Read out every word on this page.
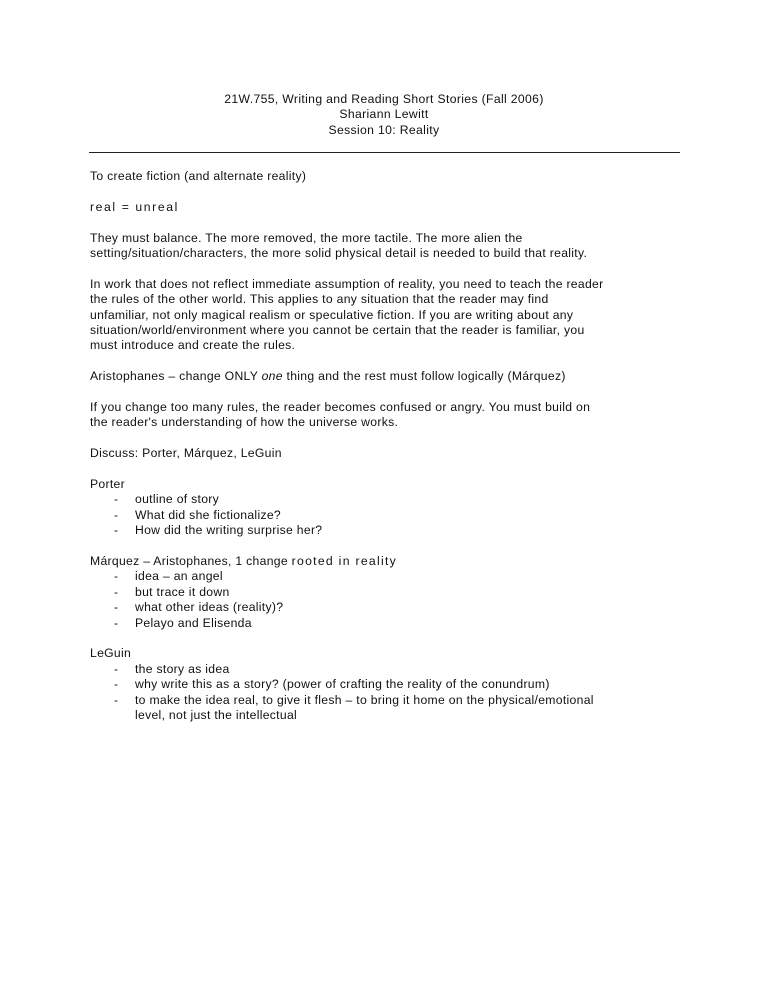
21W.755, Writing and Reading Short Stories (Fall 2006)
Shariann Lewitt
Session 10: Reality

To create fiction (and alternate reality)

real = unreal

They must balance. The more removed, the more tactile. The more alien the
setting/situation/characters, the more solid physical detail is needed to build that reality.

In work that does not reflect immediate assumption of reality, you need to teach the reader
the rules of the other world. This applies to any situation that the reader may find
unfamiliar, not only magical realism or speculative fiction. If you are writing about any
situation/world/environment where you cannot be certain that the reader is familiar, you
must introduce and create the rules.

Aristophanes – change ONLY one thing and the rest must follow logically (Márquez)

If you change too many rules, the reader becomes confused or angry. You must build on
the reader's understanding of how the universe works.

Discuss: Porter, Márquez, LeGuin

Porter
- outline of story
- What did she fictionalize?
- How did the writing surprise her?
Márquez – Aristophanes, 1 change rooted in reality
- idea – an angel
- but trace it down
- what other ideas (reality)?
- Pelayo and Elisenda
LeGuin
- the story as idea
- why write this as a story? (power of crafting the reality of the conundrum)
- to make the idea real, to give it flesh – to bring it home on the physical/emotional
level, not just the intellectual
